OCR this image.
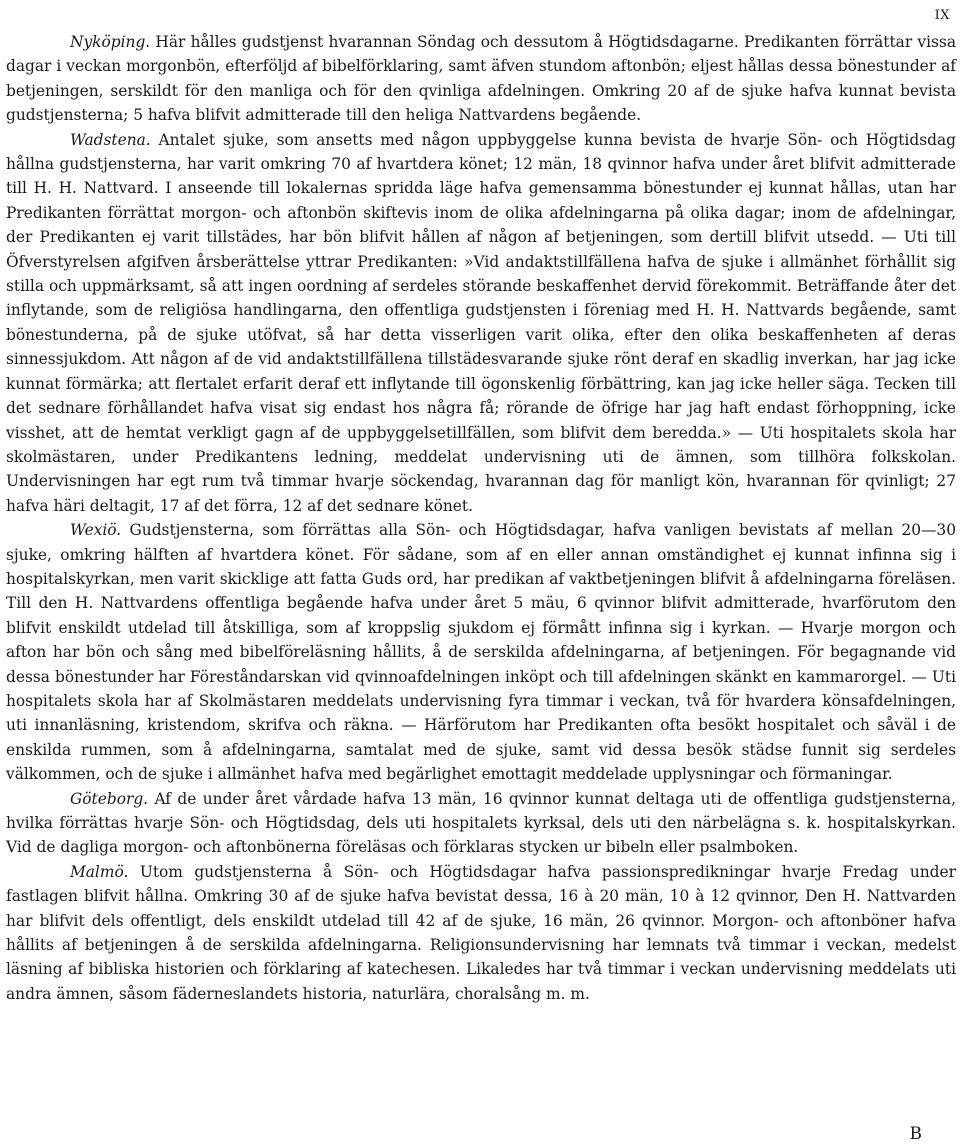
IX

Nyköping. Här hålles gudstjenst hvarannan Söndag och dessutom å Högtidsdagarne. Predikanten förrättar vissa dagar i veckan morgonbön, efterföljd af bibelförklaring, samt äfven stundom aftonbön; eljest hållas dessa bönestunder af betjeningen, serskildt för den manliga och för den qvinliga afdelningen. Omkring 20 af de sjuke hafva kunnat bevista gudstjensterna; 5 hafva blifvit admitterade till den heliga Nattvardens begående.

Wadstena. Antalet sjuke, som ansetts med någon uppbyggelse kunna bevista de hvarje Sön- och Högtidsdag hållna gudstjensterna, har varit omkring 70 af hvartdera könet; 12 män, 18 qvinnor hafva under året blifvit admitterade till H. H. Nattvard. I anseende till lokalernas spridda läge hafva gemensamma bönestunder ej kunnat hållas, utan har Predikanten förrättat morgon- och aftonbön skiftevis inom de olika afdelningarna på olika dagar; inom de afdelningar, der Predikanten ej varit tillstädes, har bön blifvit hållen af någon af betjeningen, som dertill blifvit utsedd. — Uti till Öfverstyrelsen afgifven årsberättelse yttrar Predikanten: »Vid andaktstillfällena hafva de sjuke i allmänhet förhållit sig stilla och uppmärksamt, så att ingen oordning af serdeles störande beskaffenhet dervid förekommit. Beträffande åter det inflytande, som de religiösa handlingarna, den offentliga gudstjensten i föreniag med H. H. Nattvards begående, samt bönestunderna, på de sjuke utöfvat, så har detta visserligen varit olika, efter den olika beskaffenheten af deras sinnessjukdom. Att någon af de vid andaktstillfällena tillstädesvarande sjuke rönt deraf en skadlig inverkan, har jag icke kunnat förmärka; att flertalet erfarit deraf ett inflytande till ögonskenlig förbättring, kan jag icke heller säga. Tecken till det sednare förhållandet hafva visat sig endast hos några få; rörande de öfrige har jag haft endast förhoppning, icke visshet, att de hemtat verkligt gagn af de uppbyggelsetillfällen, som blifvit dem beredda.» — Uti hospitalets skola har skolmästaren, under Predikantens ledning, meddelat undervisning uti de ämnen, som tillhöra folkskolan. Undervisningen har egt rum två timmar hvarje söckendag, hvarannan dag för manligt kön, hvarannan för qvinligt; 27 hafva häri deltagit, 17 af det förra, 12 af det sednare könet.

Wexiö. Gudstjensterna, som förrättas alla Sön- och Högtidsdagar, hafva vanligen bevistats af mellan 20—30 sjuke, omkring hälften af hvartdera könet. För sådane, som af en eller annan omständighet ej kunnat infinna sig i hospitalskyrkan, men varit skicklige att fatta Guds ord, har predikan af vaktbetjeningen blifvit å afdelningarna föreläsen. Till den H. Nattvardens offentliga begående hafva under året 5 mäu, 6 qvinnor blifvit admitterade, hvarförutom den blifvit enskildt utdelad till åtskilliga, som af kroppslig sjukdom ej förmått infinna sig i kyrkan. — Hvarje morgon och afton har bön och sång med bibelföreläsning hållits, å de serskilda afdelningarna, af betjeningen. För begagnande vid dessa bönestunder har Föreståndarskan vid qvinnoafdelningen inköpt och till afdelningen skänkt en kammarorgel. — Uti hospitalets skola har af Skolmästaren meddelats undervisning fyra timmar i veckan, två för hvardera könsafdelningen, uti innanläsning, kristendom, skrifva och räkna. — Härförutom har Predikanten ofta besökt hospitalet och såväl i de enskilda rummen, som å afdelningarna, samtalat med de sjuke, samt vid dessa besök städse funnit sig serdeles välkommen, och de sjuke i allmänhet hafva med begärlighet emottagit meddelade upplysningar och förmaningar.

Göteborg. Af de under året vårdade hafva 13 män, 16 qvinnor kunnat deltaga uti de offentliga gudstjensterna, hvilka förrättas hvarje Sön- och Högtidsdag, dels uti hospitalets kyrksal, dels uti den närbelägna s. k. hospitalskyrkan. Vid de dagliga morgon- och aftonbönerna föreläsas och förklaras stycken ur bibeln eller psalmboken.

Malmö. Utom gudstjensterna å Sön- och Högtidsdagar hafva passionspredikningar hvarje Fredag under fastlagen blifvit hållna. Omkring 30 af de sjuke hafva bevistat dessa, 16 à 20 män, 10 à 12 qvinnor, Den H. Nattvarden har blifvit dels offentligt, dels enskildt utdelad till 42 af de sjuke, 16 män, 26 qvinnor. Morgon- och aftonböner hafva hållits af betjeningen å de serskilda afdelningarna. Religionsundervisning har lemnats två timmar i veckan, medelst läsning af bibliska historien och förklaring af katechesen. Likaledes har två timmar i veckan undervisning meddelats uti andra ämnen, såsom fäderneslandets historia, naturlära, choralsång m. m.

B
